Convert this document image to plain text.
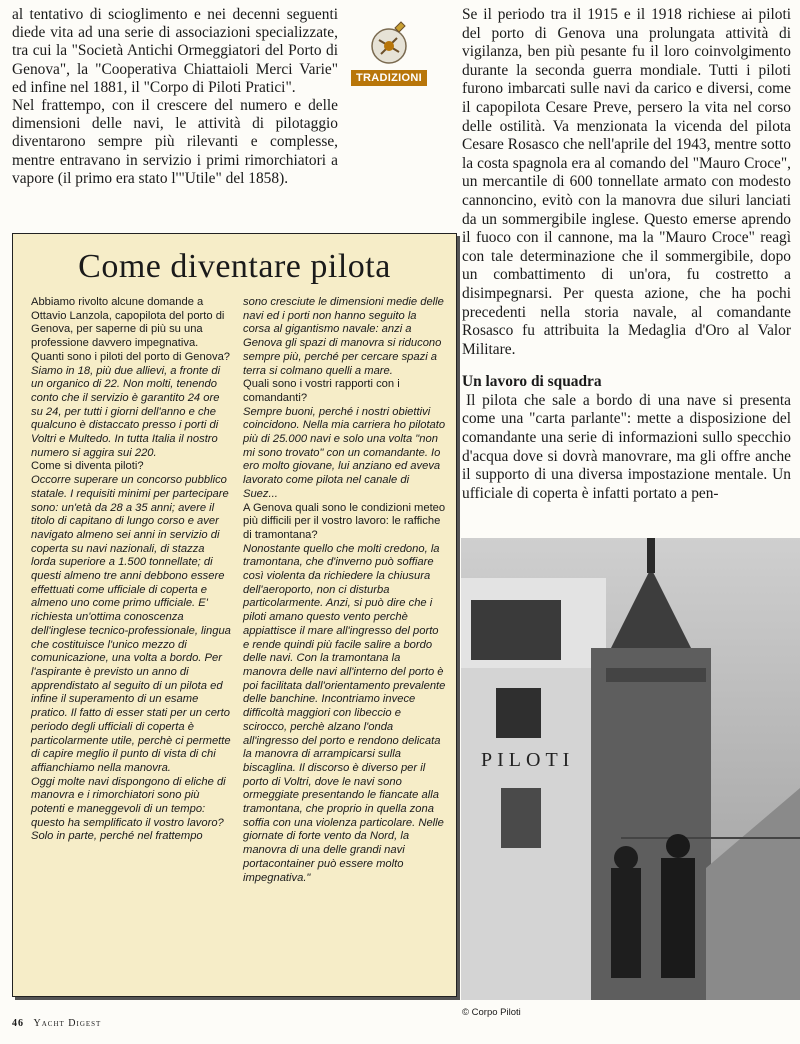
al tentativo di scioglimento e nei decenni seguenti diede vita ad una serie di associazioni specializzate, tra cui la "Società Antichi Ormeggiatori del Porto di Genova", la "Cooperativa Chiattaioli Merci Varie" ed infine nel 1881, il "Corpo di Piloti Pratici".

Nel frattempo, con il crescere del numero e delle dimensioni delle navi, le attività di pilotaggio diventarono sempre più rilevanti e complesse, mentre entravano in servizio i primi rimorchiatori a vapore (il primo era stato l'"Utile" del 1858).

TRADIZIONI

Se il periodo tra il 1915 e il 1918 richiese ai piloti del porto di Genova una prolungata attività di vigilanza, ben più pesante fu il loro coinvolgimento durante la seconda guerra mondiale. Tutti i piloti furono imbarcati sulle navi da carico e diversi, come il capopilota Cesare Preve, persero la vita nel corso delle ostilità. Va menzionata la vicenda del pilota Cesare Rosasco che nell'aprile del 1943, mentre sotto la costa spagnola era al comando del "Mauro Croce", un mercantile di 600 tonnellate armato con modesto cannoncino, evitò con la manovra due siluri lanciati da un sommergibile inglese. Questo emerse aprendo il fuoco con il cannone, ma la "Mauro Croce" reagì con tale determinazione che il sommergibile, dopo un combattimento di un'ora, fu costretto a disimpegnarsi. Per questa azione, che ha pochi precedenti nella storia navale, al comandante Rosasco fu attribuita la Medaglia d'Oro al Valor Militare.

Un lavoro di squadra

Il pilota che sale a bordo di una nave si presenta come una "carta parlante": mette a disposizione del comandante una serie di informazioni sullo specchio d'acqua dove si dovrà manovrare, ma gli offre anche il supporto di una diversa impostazione mentale. Un ufficiale di coperta è infatti portato a pen-

Come diventare pilota

Abbiamo rivolto alcune domande a Ottavio Lanzola, capopilota del porto di Genova, per saperne di più su una professione davvero impegnativa.

Quanti sono i piloti del porto di Genova?

Siamo in 18, più due allievi, a fronte di un organico di 22. Non molti, tenendo conto che il servizio è garantito 24 ore su 24, per tutti i giorni dell'anno e che qualcuno è distaccato presso i porti di Voltri e Multedo. In tutta Italia il nostro numero si aggira sui 220.

Come si diventa piloti?

Occorre superare un concorso pubblico statale. I requisiti minimi per partecipare sono: un'età da 28 a 35 anni; avere il titolo di capitano di lungo corso e aver navigato almeno sei anni in servizio di coperta su navi nazionali, di stazza lorda superiore a 1.500 tonnellate; di questi almeno tre anni debbono essere effettuati come ufficiale di coperta e almeno uno come primo ufficiale. E' richiesta un'ottima conoscenza dell'inglese tecnico-professionale, lingua che costituisce l'unico mezzo di comunicazione, una volta a bordo. Per l'aspirante è previsto un anno di apprendistato al seguito di un pilota ed infine il superamento di un esame pratico. Il fatto di esser stati per un certo periodo degli ufficiali di coperta è particolarmente utile, perchè ci permette di capire meglio il punto di vista di chi affianchiamo nella manovra.

Oggi molte navi dispongono di eliche di manovra e i rimorchiatori sono più potenti e maneggevoli di un tempo: questo ha semplificato il vostro lavoro?

Solo in parte, perché nel frattempo

sono cresciute le dimensioni medie delle navi ed i porti non hanno seguito la corsa al gigantismo navale: anzi a Genova gli spazi di manovra si riducono sempre più, perché per cercare spazi a terra si colmano quelli a mare.

Quali sono i vostri rapporti con i comandanti?

Sempre buoni, perché i nostri obiettivi coincidono. Nella mia carriera ho pilotato più di 25.000 navi e solo una volta "non mi sono trovato" con un comandante. Io ero molto giovane, lui anziano ed aveva lavorato come pilota nel canale di Suez...

A Genova quali sono le condizioni meteo più difficili per il vostro lavoro: le raffiche di tramontana?

Nonostante quello che molti credono, la tramontana, che d'inverno può soffiare così violenta da richiedere la chiusura dell'aeroporto, non ci disturba particolarmente. Anzi, si può dire che i piloti amano questo vento perchè appiattisce il mare all'ingresso del porto e rende quindi più facile salire a bordo delle navi. Con la tramontana la manovra delle navi all'interno del porto è poi facilitata dall'orientamento prevalente delle banchine. Incontriamo invece difficoltà maggiori con libeccio e scirocco, perchè alzano l'onda all'ingresso del porto e rendono delicata la manovra di arrampicarsi sulla biscaglina. Il discorso è diverso per il porto di Voltri, dove le navi sono ormeggiate presentando le fiancate alla tramontana, che proprio in quella zona soffia con una violenza particolare. Nelle giornate di forte vento da Nord, la manovra di una delle grandi navi portacontainer può essere molto impegnativa."

PILOTI
© Corpo Piloti
46 Yacht Digest
